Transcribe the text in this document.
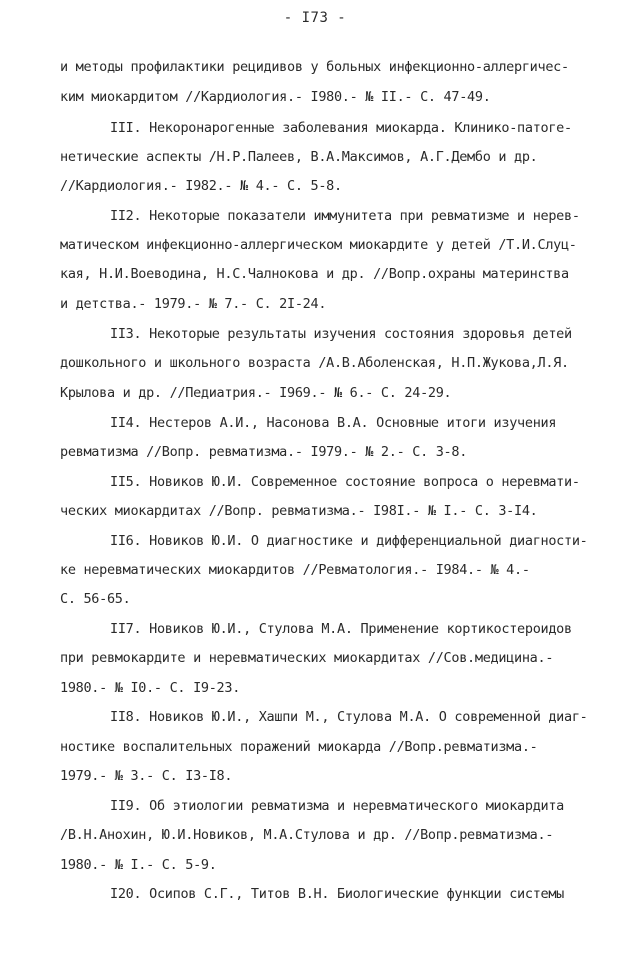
- I73 -
и методы профилактики рецидивов у больных инфекционно-аллергичес-
ким миокардитом //Кардиология.- I980.- № II.- С. 47-49.
III. Некоронарогенные заболевания миокарда. Клинико-патоге-
нетические аспекты /Н.Р.Палеев, В.А.Максимов, А.Г.Дембо и др.
//Кардиология.- I982.- № 4.- С. 5-8.
II2. Некоторые показатели иммунитета при ревматизме и нерев-
матическом инфекционно-аллергическом миокардите у детей /Т.И.Слуц-
кая, Н.И.Воеводина, Н.С.Чалнокова и др. //Вопр.охраны материнства
и детства.- 1979.- № 7.- С. 2I-24.
II3. Некоторые результаты изучения состояния здоровья детей
дошкольного и школьного возраста /А.В.Аболенская, Н.П.Жукова,Л.Я.
Крылова и др. //Педиатрия.- I969.- № 6.- С. 24-29.
II4. Нестеров А.И., Насонова В.А. Основные итоги изучения
ревматизма //Вопр. ревматизма.- I979.- № 2.- С. 3-8.
II5. Новиков Ю.И. Современное состояние вопроса о неревмати-
ческих миокардитах //Вопр. ревматизма.- I98I.- № I.- С. 3-I4.
II6. Новиков Ю.И. О диагностике и дифференциальной диагности-
ке неревматических миокардитов //Ревматология.- I984.- № 4.-
С. 56-65.
II7. Новиков Ю.И., Стулова М.А. Применение кортикостероидов
при ревмокардите и неревматических миокардитах //Сов.медицина.-
1980.- № I0.- С. I9-23.
II8. Новиков Ю.И., Хашпи М., Стулова М.А. О современной диаг-
ностике воспалительных поражений миокарда //Вопр.ревматизма.-
1979.- № 3.- С. I3-I8.
II9. Об этиологии ревматизма и неревматического миокардита
/В.Н.Анохин, Ю.И.Новиков, М.А.Стулова и др. //Вопр.ревматизма.-
1980.- № I.- С. 5-9.
I20. Осипов С.Г., Титов В.Н. Биологические функции системы
